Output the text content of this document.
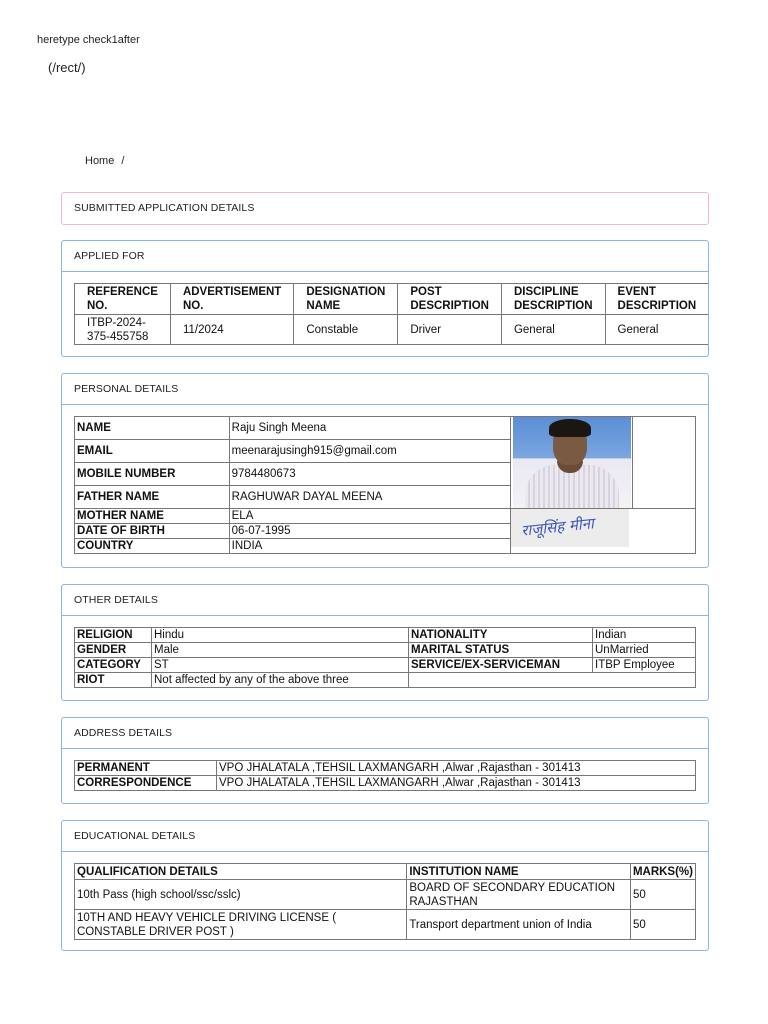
heretype check1after
(/rect/)
Home /
SUBMITTED APPLICATION DETAILS
APPLIED FOR
REFERENCE NO.	ADVERTISEMENT NO.	DESIGNATION NAME	POST DESCRIPTION	DISCIPLINE DESCRIPTION	EVENT DESCRIPTION
ITBP-2024-375-455758	11/2024	Constable	Driver	General	General
PERSONAL DETAILS
NAME	Raju Singh Meena	

EMAIL	meenarajusingh915@gmail.com		
MOBILE NUMBER	9784480673		
FATHER NAME	RAGHUWAR DAYAL MEENA		
MOTHER NAME	ELA	राजूसिंह मीना	

DATE OF BIRTH	06-07-1995		
COUNTRY	INDIA		
OTHER DETAILS
RELIGION	Hindu	NATIONALITY	Indian
GENDER	Male	MARITAL STATUS	UnMarried
CATEGORY	ST	SERVICE/EX-SERVICEMAN	ITBP Employee
RIOT	Not affected by any of the above three		
ADDRESS DETAILS
PERMANENT	VPO JHALATALA ,TEHSIL LAXMANGARH ,Alwar ,Rajasthan - 301413
CORRESPONDENCE	VPO JHALATALA ,TEHSIL LAXMANGARH ,Alwar ,Rajasthan - 301413
EDUCATIONAL DETAILS
QUALIFICATION DETAILS	INSTITUTION NAME	MARKS(%)
10th Pass (high school/ssc/sslc)	BOARD OF SECONDARY EDUCATION RAJASTHAN	50
10TH AND HEAVY VEHICLE DRIVING LICENSE ( CONSTABLE DRIVER POST )	Transport department union of India	50
